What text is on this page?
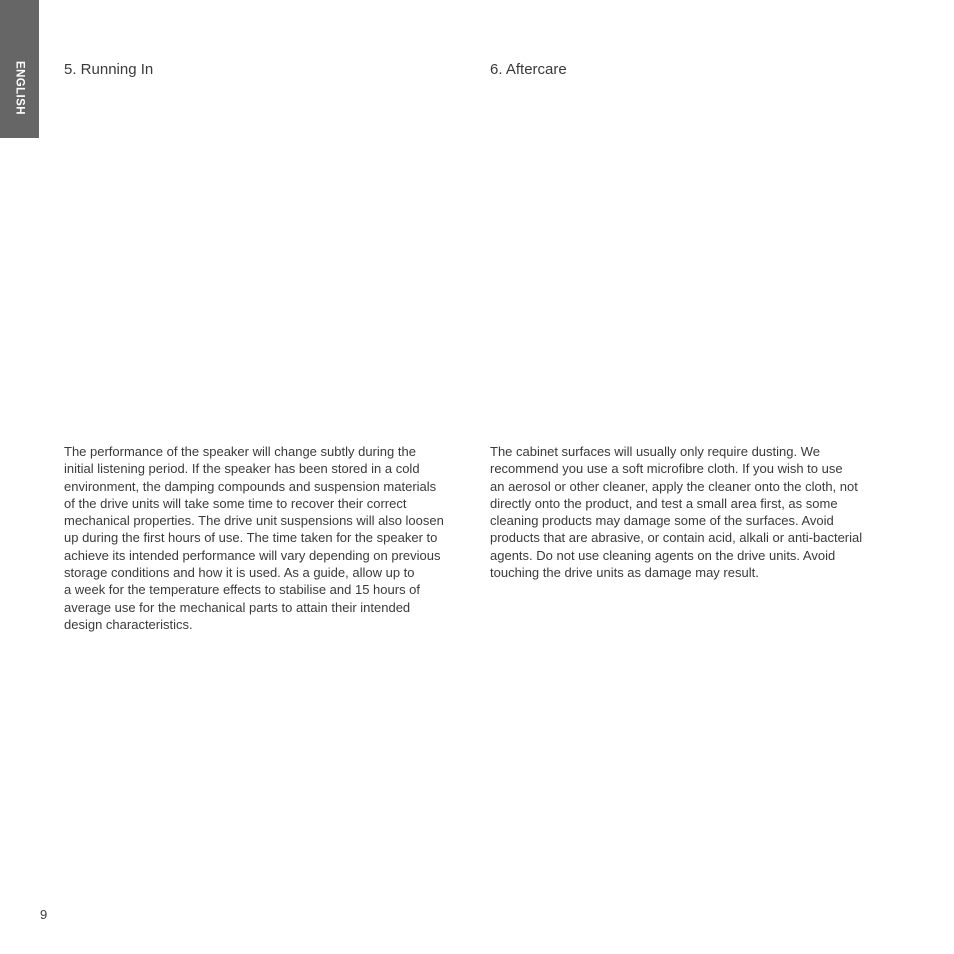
ENGLISH	5. Running In	6. Aftercare

The performance of the speaker will change subtly during the
initial listening period. If the speaker has been stored in a cold
environment, the damping compounds and suspension materials
of the drive units will take some time to recover their correct
mechanical properties. The drive unit suspensions will also loosen
up during the first hours of use. The time taken for the speaker to
achieve its intended performance will vary depending on previous
storage conditions and how it is used. As a guide, allow up to
a week for the temperature effects to stabilise and 15 hours of
average use for the mechanical parts to attain their intended
design characteristics.

The cabinet surfaces will usually only require dusting. We
recommend you use a soft microfibre cloth. If you wish to use
an aerosol or other cleaner, apply the cleaner onto the cloth, not
directly onto the product, and test a small area first, as some
cleaning products may damage some of the surfaces. Avoid
products that are abrasive, or contain acid, alkali or anti-bacterial
agents. Do not use cleaning agents on the drive units. Avoid
touching the drive units as damage may result.

9
